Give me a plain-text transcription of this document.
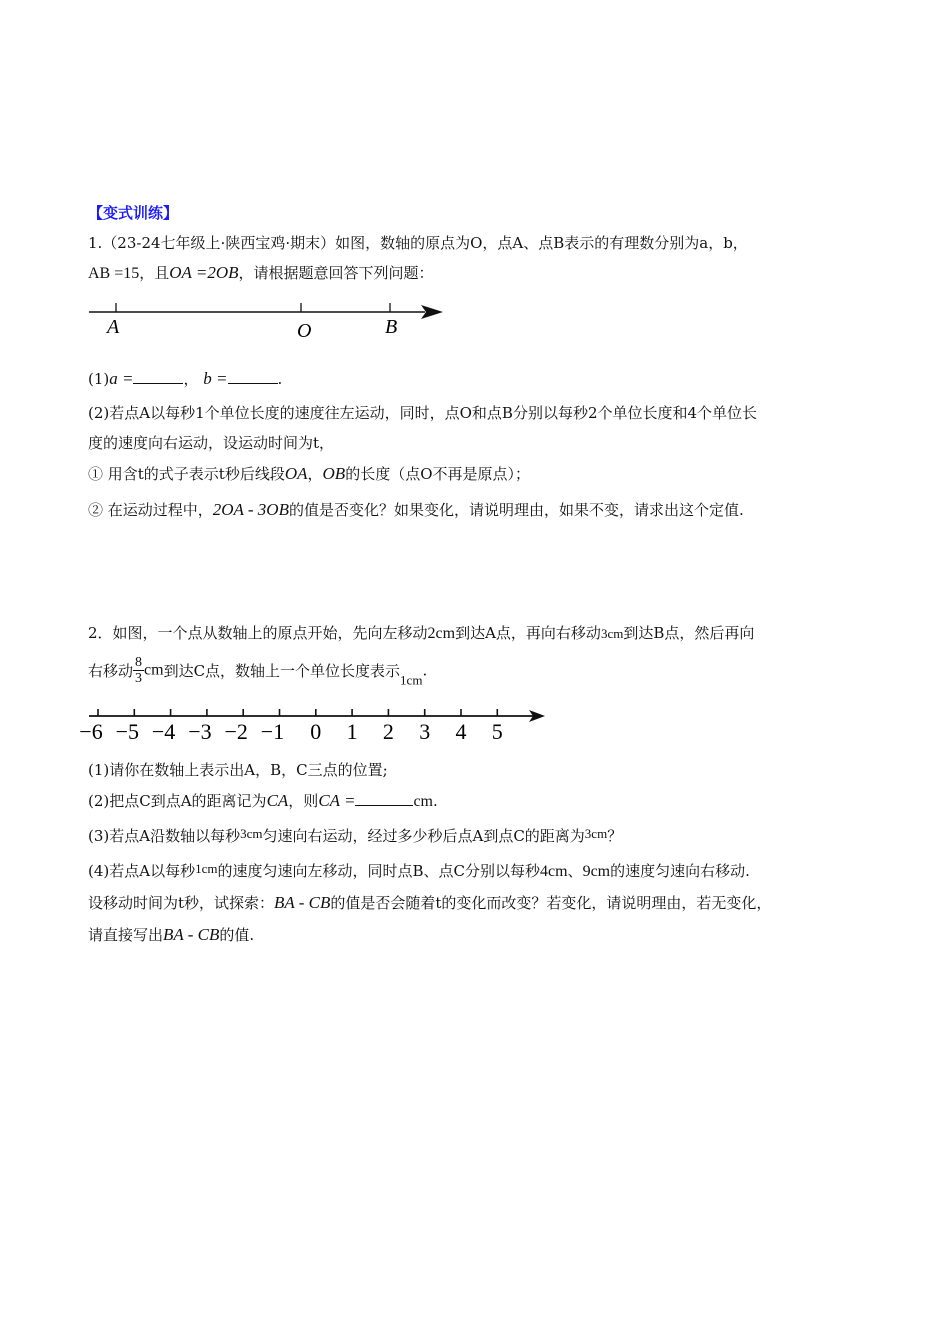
【变式训练】
1.（23-24七年级上·陕西宝鸡·期末）如图，数轴的原点为O，点A、点B表示的有理数分别为a，b，
AB =15，且OA =2OB，请根据题意回答下列问题：
A	O	B
(1)a =	， b =	.
(2)若点A以每秒1个单位长度的速度往左运动，同时，点O和点B分别以每秒2个单位长度和4个单位长
度的速度向右运动，设运动时间为t，
① 用含t的式子表示t秒后线段OA，OB的长度（点O不再是原点）；
② 在运动过程中，2OA - 3OB的值是否变化？如果变化，请说明理由，如果不变，请求出这个定值.
2．如图，一个点从数轴上的原点开始，先向左移动2cm到达A点，再向右移动3cm到达B点，然后再向
右移动 $\frac{8}{3}$ cm到达C点，数轴上一个单位长度表示1cm.
−6 −5 −4 −3 −2 −1 0 1 2 3 4 5
(1)请你在数轴上表示出A，B，C三点的位置;
(2)把点C到点A的距离记为CA，则CA =	cm.
(3)若点A沿数轴以每秒3cm匀速向右运动，经过多少秒后点A到点C的距离为3cm？
(4)若点A以每秒1cm的速度匀速向左移动，同时点B、点C分别以每秒4cm、9cm的速度匀速向右移动.
设移动时间为t秒，试探索：BA - CB的值是否会随着t的变化而改变？若变化，请说明理由，若无变化，
请直接写出BA - CB的值.
